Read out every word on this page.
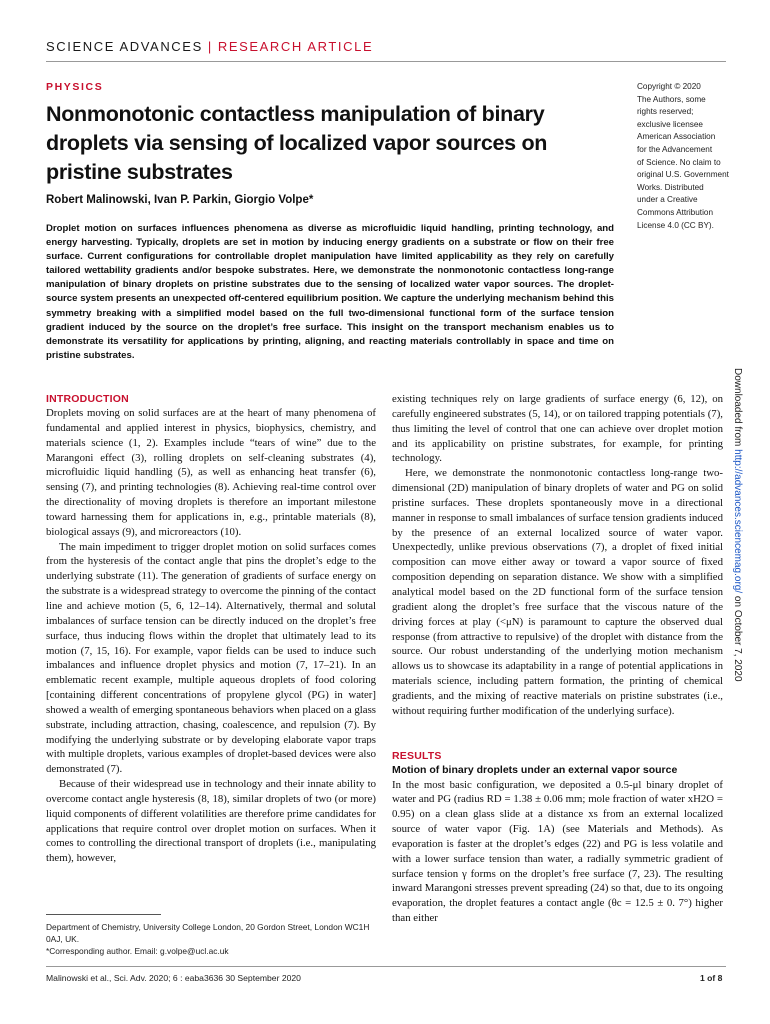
SCIENCE ADVANCES | RESEARCH ARTICLE
PHYSICS
Nonmonotonic contactless manipulation of binary droplets via sensing of localized vapor sources on pristine substrates
Robert Malinowski, Ivan P. Parkin, Giorgio Volpe*
Droplet motion on surfaces influences phenomena as diverse as microfluidic liquid handling, printing technology, and energy harvesting. Typically, droplets are set in motion by inducing energy gradients on a substrate or flow on their free surface. Current configurations for controllable droplet manipulation have limited applicability as they rely on carefully tailored wettability gradients and/or bespoke substrates. Here, we demonstrate the nonmonotonic contactless long-range manipulation of binary droplets on pristine substrates due to the sensing of localized water vapor sources. The droplet-source system presents an unexpected off-centered equilibrium position. We capture the underlying mechanism behind this symmetry breaking with a simplified model based on the full two-dimensional functional form of the surface tension gradient induced by the source on the droplet’s free surface. This insight on the transport mechanism enables us to demonstrate its versatility for applications by printing, aligning, and reacting materials controllably in space and time on pristine substrates.
Copyright © 2020
The Authors, some
rights reserved;
exclusive licensee
American Association
for the Advancement
of Science. No claim to
original U.S. Government
Works. Distributed
under a Creative
Commons Attribution
License 4.0 (CC BY).
Downloaded from http://advances.sciencemag.org/ on October 7, 2020
INTRODUCTION

Droplets moving on solid surfaces are at the heart of many phenomena of fundamental and applied interest in physics, biophysics, chemistry, and materials science (1, 2). Examples include “tears of wine” due to the Marangoni effect (3), rolling droplets on self-cleaning substrates (4), microfluidic liquid handling (5), as well as enhancing heat transfer (6), sensing (7), and printing technologies (8). Achieving real-time control over the directionality of moving droplets is therefore an important milestone toward harnessing them for applications in, e.g., printable materials (8), biological assays (9), and microreactors (10).

The main impediment to trigger droplet motion on solid surfaces comes from the hysteresis of the contact angle that pins the droplet’s edge to the underlying substrate (11). The generation of gradients of surface energy on the substrate is a widespread strategy to overcome the pinning of the contact line and achieve motion (5, 6, 12–14). Alternatively, thermal and solutal imbalances of surface tension can be directly induced on the droplet’s free surface, thus inducing flows within the droplet that ultimately lead to its motion (7, 15, 16). For example, vapor fields can be used to induce such imbalances and influence droplet physics and motion (7, 17–21). In an emblematic recent example, multiple aqueous droplets of food coloring [containing different concentrations of propylene glycol (PG) in water] showed a wealth of emerging spontaneous behaviors when placed on a glass substrate, including attraction, chasing, coalescence, and repulsion (7). By modifying the underlying substrate or by developing elaborate vapor traps with multiple droplets, various examples of droplet-based devices were also demonstrated (7).

Because of their widespread use in technology and their innate ability to overcome contact angle hysteresis (8, 18), similar droplets of two (or more) liquid components of different volatilities are therefore prime candidates for applications that require control over droplet motion on surfaces. When it comes to controlling the directional transport of droplets (i.e., manipulating them), however,

existing techniques rely on large gradients of surface energy (6, 12), on carefully engineered substrates (5, 14), or on tailored trapping potentials (7), thus limiting the level of control that one can achieve over droplet motion and its applicability on pristine substrates, for example, for printing technology.

Here, we demonstrate the nonmonotonic contactless long-range two-dimensional (2D) manipulation of binary droplets of water and PG on solid pristine surfaces. These droplets spontaneously move in a directional manner in response to small imbalances of surface tension gradients induced by the presence of an external localized source of water vapor. Unexpectedly, unlike previous observations (7), a droplet of fixed initial composition can move either away or toward a vapor source of fixed composition depending on separation distance. We show with a simplified analytical model based on the 2D functional form of the surface tension gradient along the droplet’s free surface that the viscous nature of the driving forces at play (<μN) is paramount to capture the observed dual response (from attractive to repulsive) of the droplet with distance from the source. Our robust understanding of the underlying motion mechanism allows us to showcase its adaptability in a range of potential applications in materials science, including pattern formation, the printing of chemical gradients, and the mixing of reactive materials on pristine substrates (i.e., without requiring further modification of the underlying surface).

RESULTS
Motion of binary droplets under an external vapor source

In the most basic configuration, we deposited a 0.5-μl binary droplet of water and PG (radius RD = 1.38 ± 0.06 mm; mole fraction of water xH2O = 0.95) on a clean glass slide at a distance xs from an external localized source of water vapor (Fig. 1A) (see Materials and Methods). As evaporation is faster at the droplet’s edges (22) and PG is less volatile and with a lower surface tension than water, a radially symmetric gradient of surface tension γ forms on the droplet’s free surface (7, 23). The resulting inward Marangoni stresses prevent spreading (24) so that, due to its ongoing evaporation, the droplet features a contact angle (θc = 12.5 ± 0. 7°) higher than either

Department of Chemistry, University College London, 20 Gordon Street, London WC1H 0AJ, UK.
*Corresponding author. Email: g.volpe@ucl.ac.uk
Malinowski et al., Sci. Adv. 2020; 6 : eaba3636 30 September 2020	1 of 8
